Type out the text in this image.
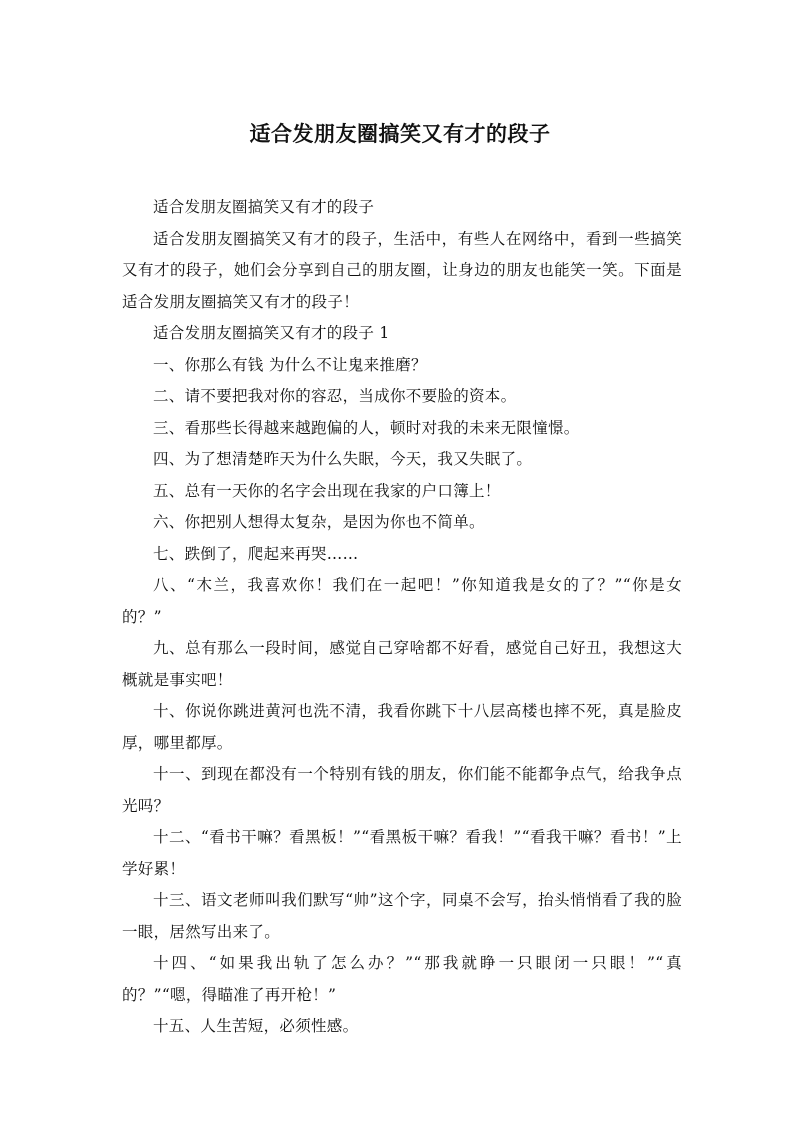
适合发朋友圈搞笑又有才的段子

适合发朋友圈搞笑又有才的段子

适合发朋友圈搞笑又有才的段子，生活中，有些人在网络中，看到一些搞笑又有才的段子，她们会分享到自己的朋友圈，让身边的朋友也能笑一笑。下面是适合发朋友圈搞笑又有才的段子！

适合发朋友圈搞笑又有才的段子 1

一、你那么有钱 为什么不让鬼来推磨？

二、请不要把我对你的容忍，当成你不要脸的资本。

三、看那些长得越来越跑偏的人，顿时对我的未来无限憧憬。

四、为了想清楚昨天为什么失眠，今天，我又失眠了。

五、总有一天你的名字会出现在我家的户口簿上！

六、你把别人想得太复杂，是因为你也不简单。

七、跌倒了，爬起来再哭……

八、“木兰，我喜欢你！我们在一起吧！”你知道我是女的了？”“你是女的？”

九、总有那么一段时间，感觉自己穿啥都不好看，感觉自己好丑，我想这大概就是事实吧！

十、你说你跳进黄河也洗不清，我看你跳下十八层高楼也摔不死，真是脸皮厚，哪里都厚。

十一、到现在都没有一个特别有钱的朋友，你们能不能都争点气，给我争点光吗？

十二、“看书干嘛？看黑板！”“看黑板干嘛？看我！”“看我干嘛？看书！”上学好累！

十三、语文老师叫我们默写“帅”这个字，同桌不会写，抬头悄悄看了我的脸一眼，居然写出来了。

十四、“如果我出轨了怎么办？”“那我就睁一只眼闭一只眼！”“真的？”“嗯，得瞄准了再开枪！”

十五、人生苦短，必须性感。
